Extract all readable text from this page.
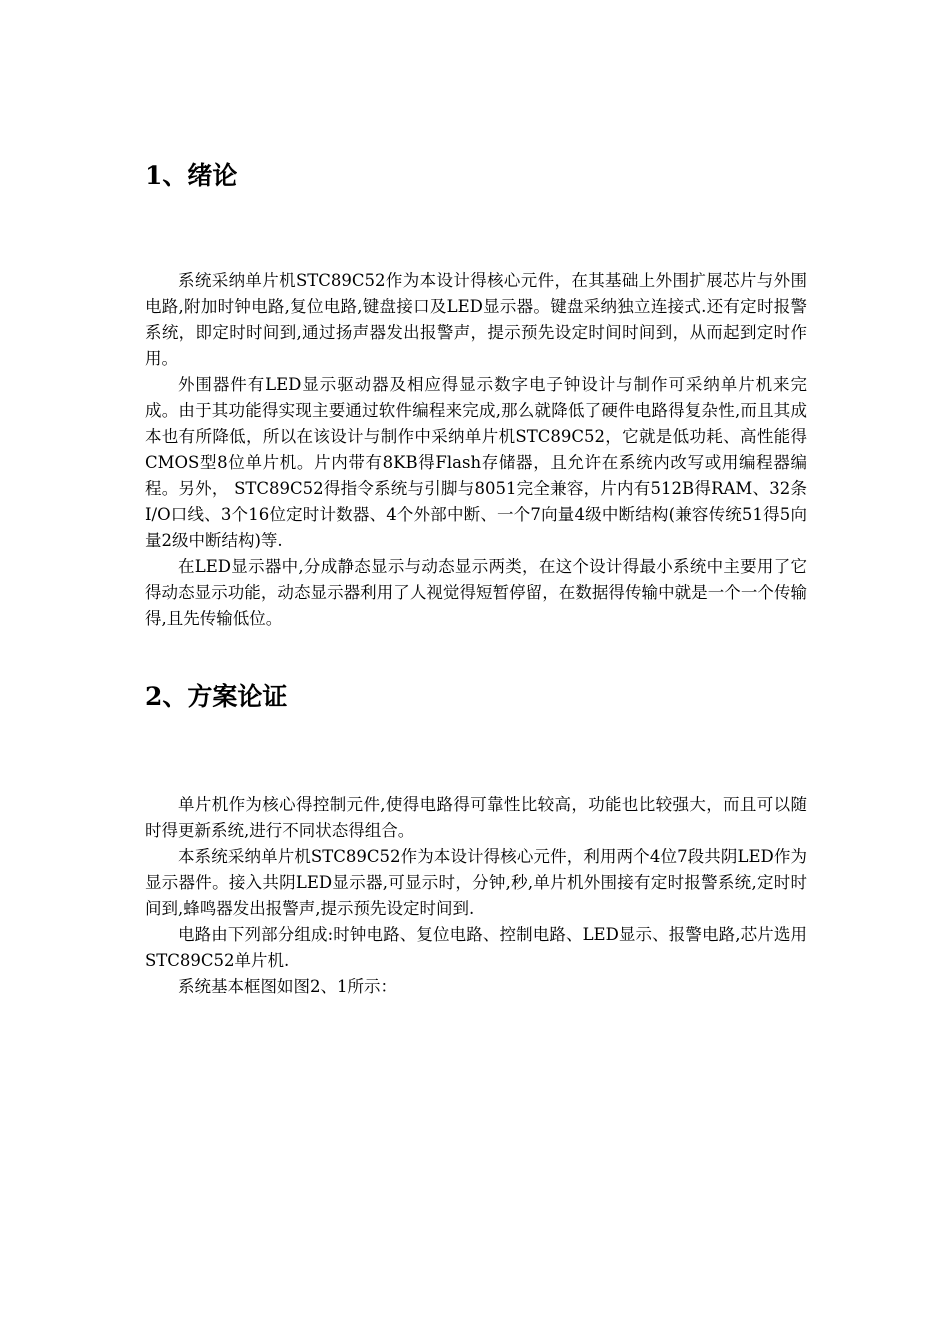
1、绪论

系统采纳单片机STC89C52作为本设计得核心元件，在其基础上外围扩展芯片与外围电路,附加时钟电路,复位电路,键盘接口及LED显示器。键盘采纳独立连接式.还有定时报警系统，即定时时间到,通过扬声器发出报警声，提示预先设定时间时间到，从而起到定时作用。

外围器件有LED显示驱动器及相应得显示数字电子钟设计与制作可采纳单片机来完成。由于其功能得实现主要通过软件编程来完成,那么就降低了硬件电路得复杂性,而且其成本也有所降低，所以在该设计与制作中采纳单片机STC89C52，它就是低功耗、高性能得CMOS型8位单片机。片内带有8KB得Flash存储器，且允许在系统内改写或用编程器编程。另外， STC89C52得指令系统与引脚与8051完全兼容，片内有512B得RAM、32条I/O口线、3个16位定时计数器、4个外部中断、一个7向量4级中断结构(兼容传统51得5向量2级中断结构)等.

在LED显示器中,分成静态显示与动态显示两类，在这个设计得最小系统中主要用了它得动态显示功能，动态显示器利用了人视觉得短暂停留，在数据得传输中就是一个一个传输得,且先传输低位。

2、方案论证

单片机作为核心得控制元件,使得电路得可靠性比较高，功能也比较强大，而且可以随时得更新系统,进行不同状态得组合。

本系统采纳单片机STC89C52作为本设计得核心元件，利用两个4位7段共阴LED作为显示器件。接入共阴LED显示器,可显示时，分钟,秒,单片机外围接有定时报警系统,定时时间到,蜂鸣器发出报警声,提示预先设定时间到.

电路由下列部分组成:时钟电路、复位电路、控制电路、LED显示、报警电路,芯片选用STC89C52单片机.

系统基本框图如图2、1所示：
